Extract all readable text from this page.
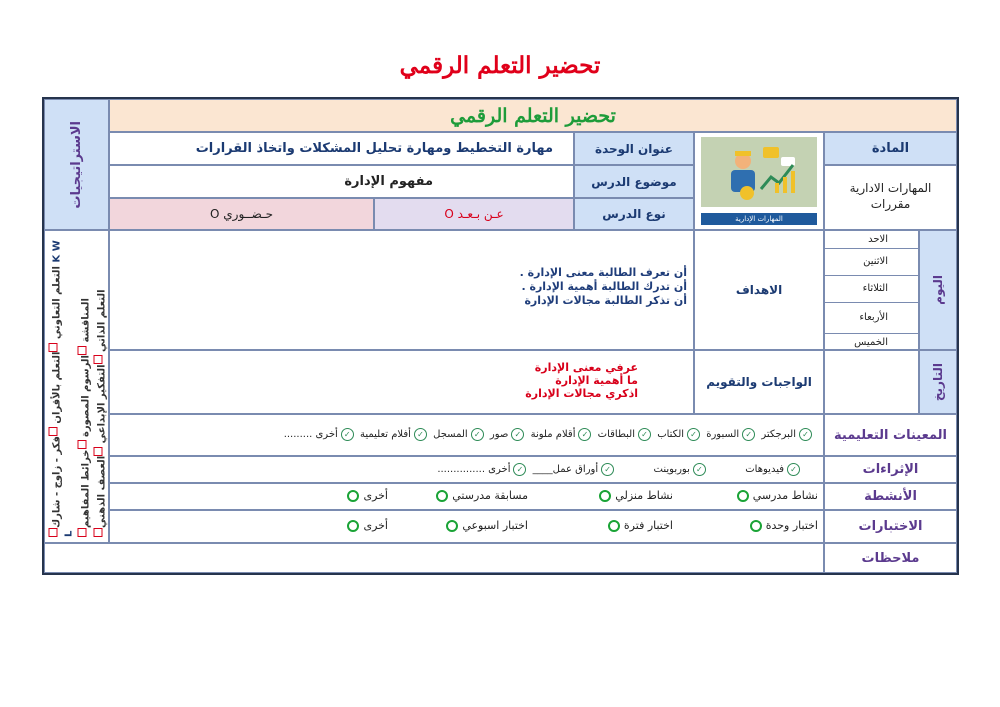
تحضير التعلم الرقمي
الاستراتيجيات
التعلم التعاوني التعلم بالأقران فكر - زاوج - شارك K W L
المناقشة الرسوم المصورة خرائط المفاهيم
التعلم الذاتي التفكير الإبداعي العصف الذهني
تحضير التعلم الرقمي
المادة
المهارات الادارية
مقررات
المهارات الإدارية
عنوان الوحدة
مهارة التخطيط ومهارة تحليل المشكلات واتخاذ القرارات
موضوع الدرس
مفهوم الإدارة
نوع الدرس
عـن بـعـد O
حـضــوري O
اليوم
الاحد
الاثنين
الثلاثاء
الأربعاء
الخميس
الاهداف
أن تعرف الطالبة معنى الإدارة .
أن تدرك الطالبة أهمية الإدارة .
أن تذكر الطالبة مجالات الإدارة
التاريخ
الواجبات والتقويم
عرفي معنى الإدارة
ما أهمية الإدارة
اذكري مجالات الإدارة
المعينات التعليمية
✓البرجكتر ✓السبورة ✓الكتاب ✓البطاقات ✓أقلام ملونة ✓صور ✓المسجل ✓أفلام تعليمية ✓أخرى .........
الإثراءات
✓فيديوهات  ✓بوربوينت  ✓أوراق عمل____ ✓أخرى ...............
الأنشطة
نشاط مدرسي
نشاط منزلي
مسابقة مدرستي
أخرى
الاختبارات
اختبار وحدة
اختبار فترة
اختبار اسبوعي
أخرى
ملاحظات
